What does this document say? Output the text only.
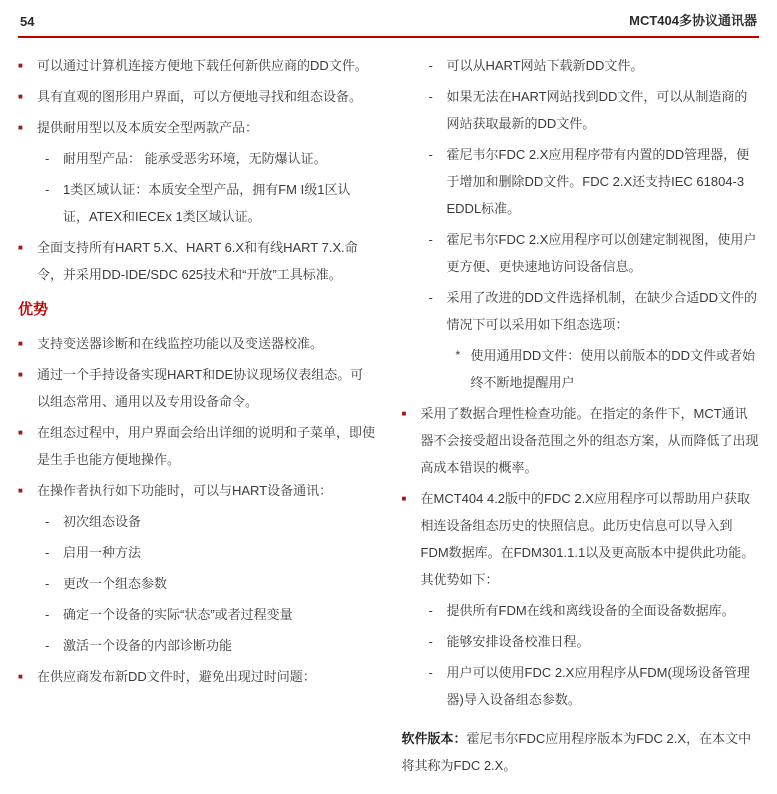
54	MCT404多协议通讯器
■	可以通过计算机连接方便地下载任何新供应商的DD文件。
■	具有直观的图形用户界面，可以方便地寻找和组态设备。
■	提供耐用型以及本质安全型两款产品：
-	耐用型产品： 能承受恶劣环境，无防爆认证。
-	1类区域认证：本质安全型产品，拥有FM I级1区认证，ATEX和IECEx 1类区域认证。
■	全面支持所有HART 5.X、HART 6.X和有线HART 7.X.命令，并采用DD-IDE/SDC 625技术和“开放”工具标准。
优势
■	支持变送器诊断和在线监控功能以及变送器校准。
■	通过一个手持设备实现HART和DE协议现场仪表组态。可以组态常用、通用以及专用设备命令。
■	在组态过程中，用户界面会给出详细的说明和子菜单，即使是生手也能方便地操作。
■	在操作者执行如下功能时，可以与HART设备通讯：
-	初次组态设备
-	启用一种方法
-	更改一个组态参数
-	确定一个设备的实际“状态”或者过程变量
-	激活一个设备的内部诊断功能
■	在供应商发布新DD文件时，避免出现过时问题：
-	可以从HART网站下载新DD文件。
-	如果无法在HART网站找到DD文件，可以从制造商的网站获取最新的DD文件。
-	霍尼韦尔FDC 2.X应用程序带有内置的DD管理器，便于增加和删除DD文件。FDC 2.X还支持IEC 61804-3 EDDL标准。
-	霍尼韦尔FDC 2.X应用程序可以创建定制视图，使用户更方便、更快速地访问设备信息。
-	采用了改进的DD文件选择机制，在缺少合适DD文件的情况下可以采用如下组态选项：
* 使用通用DD文件：使用以前版本的DD文件或者始终不断地提醒用户
■	采用了数据合理性检查功能。在指定的条件下，MCT通讯器不会接受超出设备范围之外的组态方案，从而降低了出现高成本错误的概率。
■	在MCT404 4.2版中的FDC 2.X应用程序可以帮助用户获取相连设备组态历史的快照信息。此历史信息可以导入到FDM数据库。在FDM301.1.1以及更高版本中提供此功能。其优势如下：
-	提供所有FDM在线和离线设备的全面设备数据库。
-	能够安排设备校准日程。
-	用户可以使用FDC 2.X应用程序从FDM(现场设备管理器)导入设备组态参数。

软件版本：霍尼韦尔FDC应用程序版本为FDC 2.X，在本文中将其称为FDC 2.X。
